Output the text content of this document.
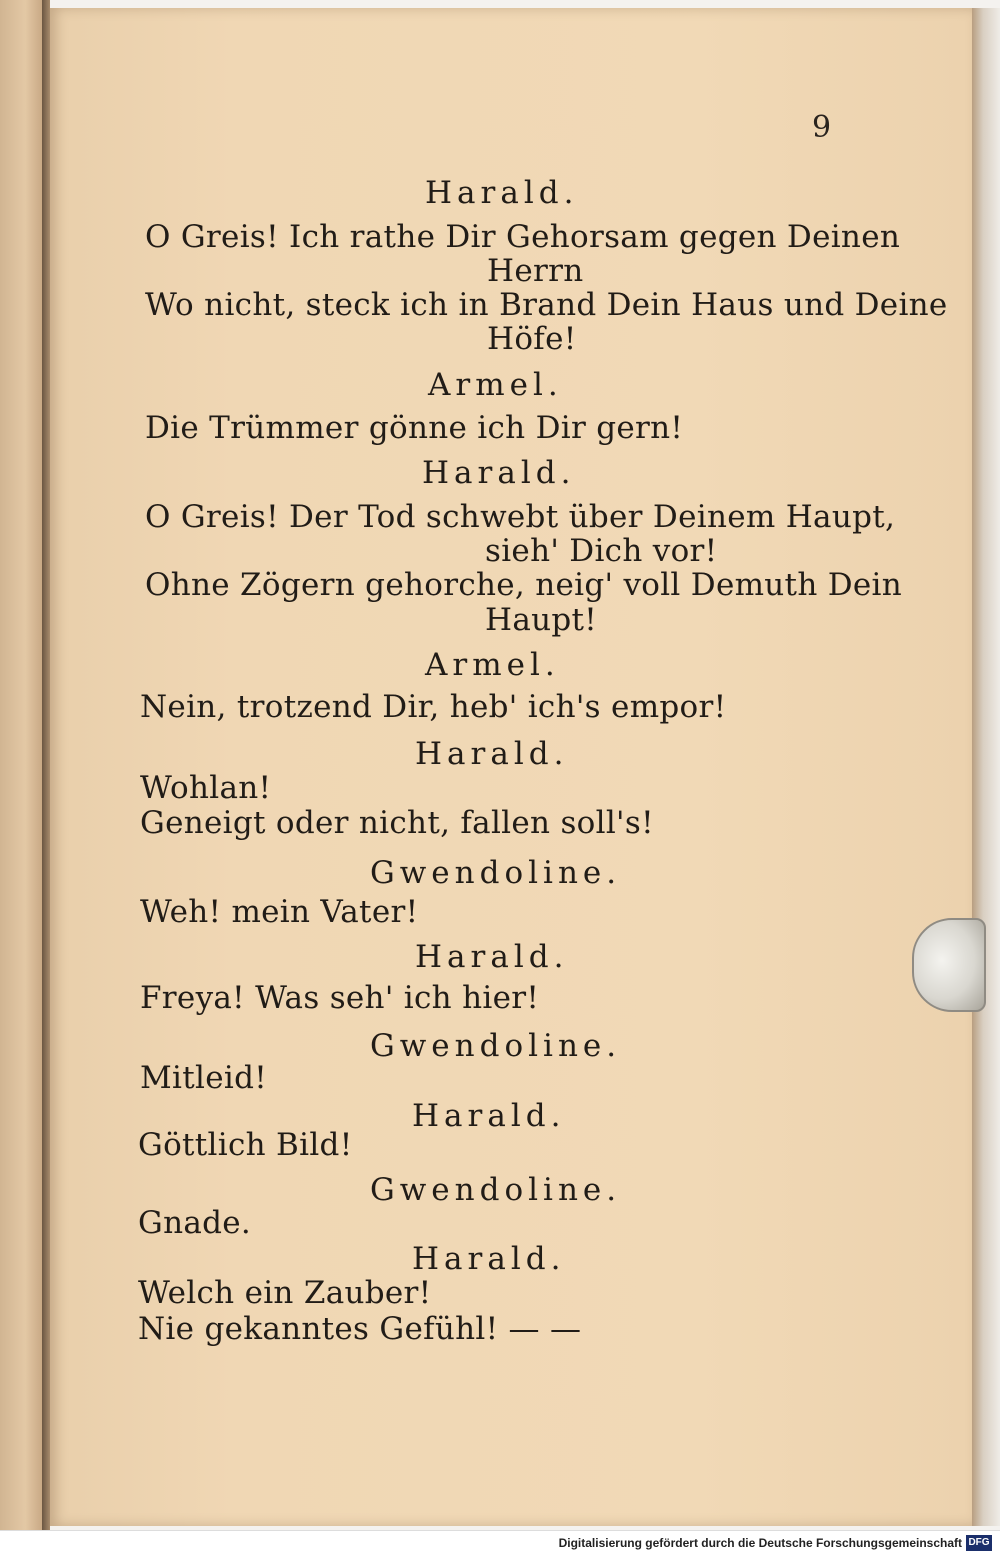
9
Harald.
O Greis! Ich rathe Dir Gehorsam gegen Deinen
Herrn
Wo nicht, steck ich in Brand Dein Haus und Deine
Höfe!
Armel.
Die Trümmer gönne ich Dir gern!
Harald.
O Greis! Der Tod schwebt über Deinem Haupt,
sieh' Dich vor!
Ohne Zögern gehorche, neig' voll Demuth Dein
Haupt!
Armel.
Nein, trotzend Dir, heb' ich's empor!
Harald.
Wohlan!
Geneigt oder nicht, fallen soll's!
Gwendoline.
Weh! mein Vater!
Harald.
Freya! Was seh' ich hier!
Gwendoline.
Mitleid!
Harald.
Göttlich Bild!
Gwendoline.
Gnade.
Harald.
Welch ein Zauber!
Nie gekanntes Gefühl! — —
Digitalisierung gefördert durch die Deutsche Forschungsgemeinschaft DFG
